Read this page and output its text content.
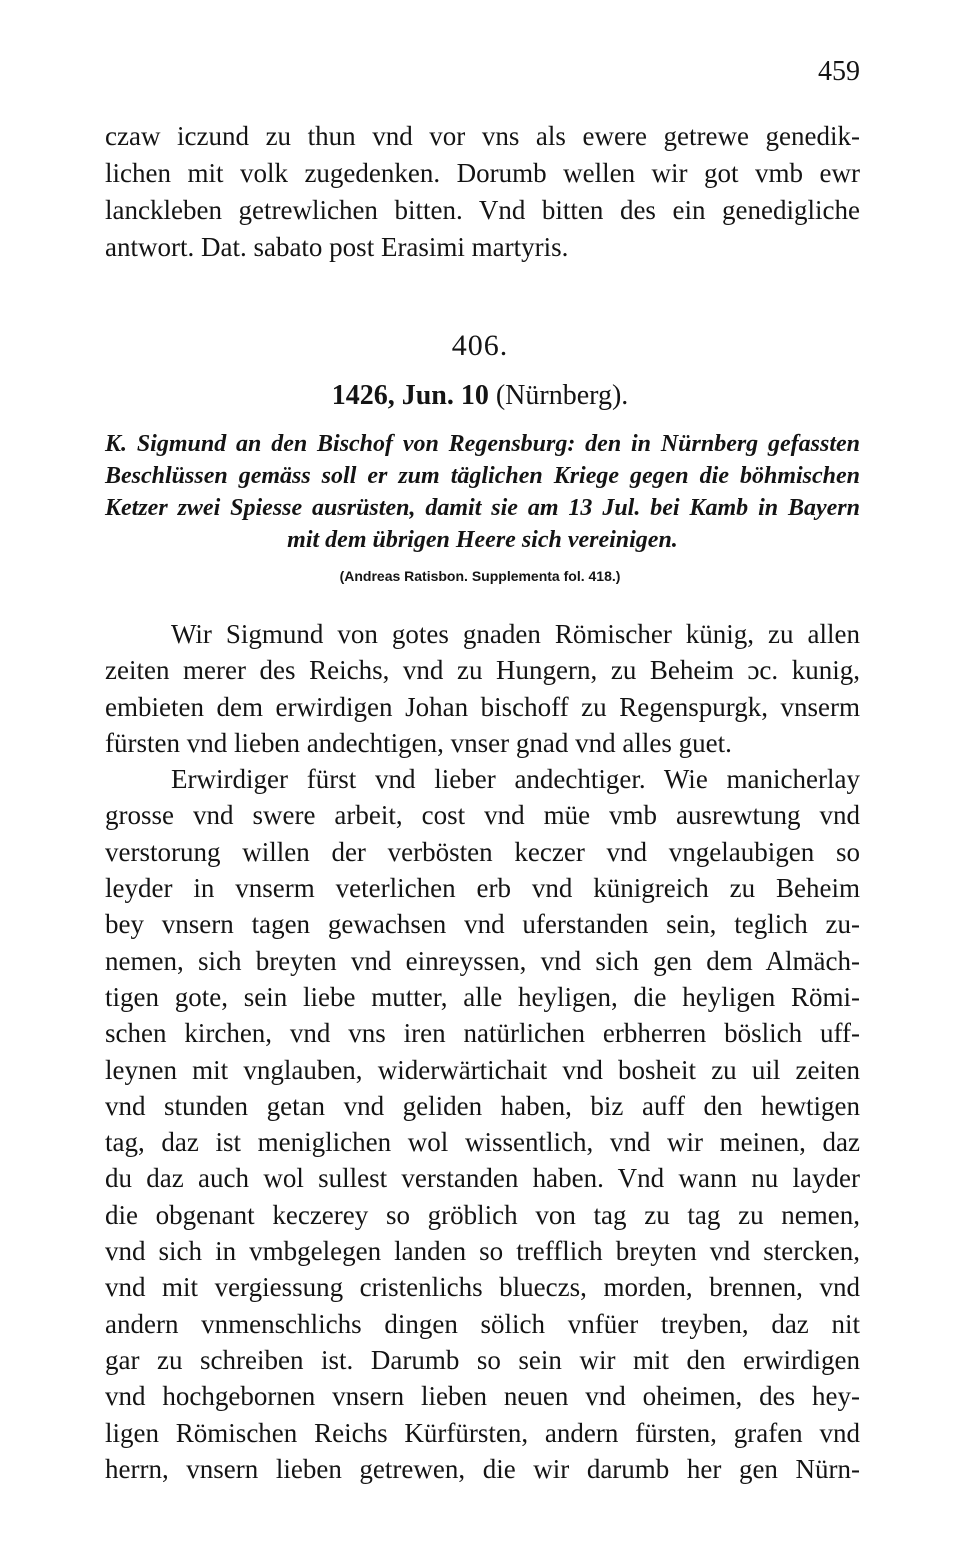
459
czaw iczund zu thun vnd vor vns als ewere getrewe genedik-
lichen mit volk zugedenken. Dorumb wellen wir got vmb ewr
lanckleben getrewlichen bitten. Vnd bitten des ein genedigliche
antwort. Dat. sabato post Erasimi martyris.
406.
1426, Jun. 10 (Nürnberg).
K. Sigmund an den Bischof von Regensburg: den in Nürnberg gefassten
Beschlüssen gemäss soll er zum täglichen Kriege gegen die böhmischen
Ketzer zwei Spiesse ausrüsten, damit sie am 13 Jul. bei Kamb in Bayern
mit dem übrigen Heere sich vereinigen.
(Andreas Ratisbon. Supplementa fol. 418.)
Wir Sigmund von gotes gnaden Römischer künig, zu allen
zeiten merer des Reichs, vnd zu Hungern, zu Beheim ɔc. kunig,
embieten dem erwirdigen Johan bischoff zu Regenspurgk, vnserm
fürsten vnd lieben andechtigen, vnser gnad vnd alles guet.
Erwirdiger fürst vnd lieber andechtiger. Wie manicherlay
grosse vnd swere arbeit, cost vnd müe vmb ausrewtung vnd
verstorung willen der verbösten keczer vnd vngelaubigen so
leyder in vnserm veterlichen erb vnd künigreich zu Beheim
bey vnsern tagen gewachsen vnd uferstanden sein, teglich zu-
nemen, sich breyten vnd einreyssen, vnd sich gen dem Almäch-
tigen gote, sein liebe mutter, alle heyligen, die heyligen Römi-
schen kirchen, vnd vns iren natürlichen erbherren böslich uff-
leynen mit vnglauben, widerwärtichait vnd bosheit zu uil zeiten
vnd stunden getan vnd geliden haben, biz auff den hewtigen
tag, daz ist meniglichen wol wissentlich, vnd wir meinen, daz
du daz auch wol sullest verstanden haben. Vnd wann nu layder
die obgenant keczerey so gröblich von tag zu tag zu nemen,
vnd sich in vmbgelegen landen so trefflich breyten vnd stercken,
vnd mit vergiessung cristenlichs blueczs, morden, brennen, vnd
andern vnmenschlichs dingen sölich vnfüer treyben, daz nit
gar zu schreiben ist. Darumb so sein wir mit den erwirdigen
vnd hochgebornen vnsern lieben neuen vnd oheimen, des hey-
ligen Römischen Reichs Kürfürsten, andern fürsten, grafen vnd
herrn, vnsern lieben getrewen, die wir darumb her gen Nürn-
